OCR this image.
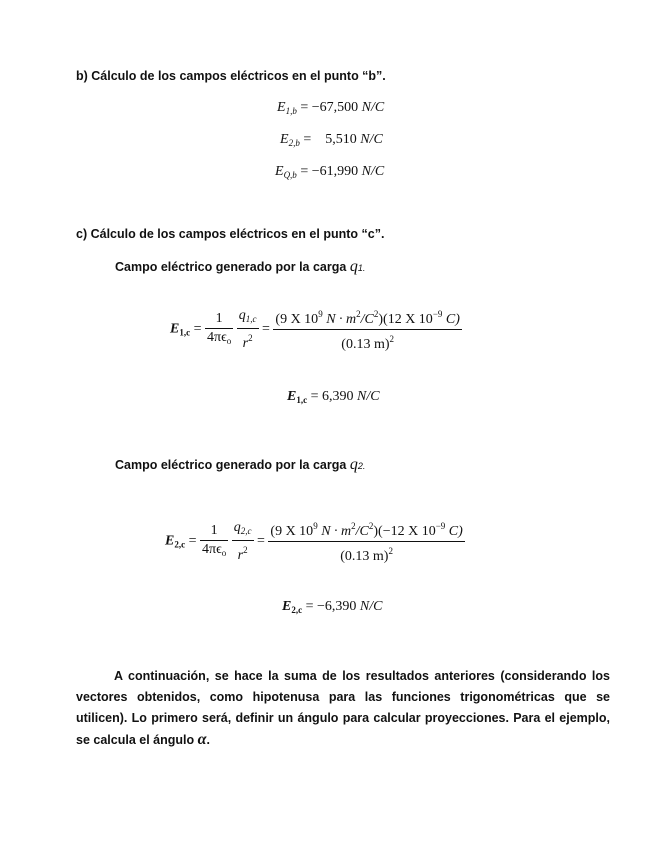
b) Cálculo de los campos eléctricos en el punto “b”.
$E_{1,b} = -67,500$ N/C
$E_{2,b}$ =    5,510 N/C
$E_{Q,b} = -61,990$ N/C
c) Cálculo de los campos eléctricos en el punto “c”.
Campo eléctrico generado por la carga q1.
$E_{1,c} = \frac{1}{4\pi\epsilon_o}$
$\frac{q_{1,c}}{r^2} = \frac{(9 X 10^9 N \cdot m^2/C^2)(12 X 10^{-9} C)}{(0.13 m)^2}$
$E_{1,c} = 6,390$ N/C
Campo eléctrico generado por la carga q2.
$E_{2,c} = \frac{1}{4\pi\epsilon_o}$
$\frac{q_{2,c}}{r^2} = \frac{(9 X 10^9 N \cdot m^2/C^2)(-12 X 10^{-9} C)}{(0.13 m)^2}$
$E_{2,c} = -6,390$ N/C
A continuación, se hace la suma de los resultados anteriores (considerando los vectores obtenidos, como hipotenusa para las funciones trigonométricas que se utilicen). Lo primero será, definir un ángulo para calcular proyecciones. Para el ejemplo, se calcula el ángulo α.
